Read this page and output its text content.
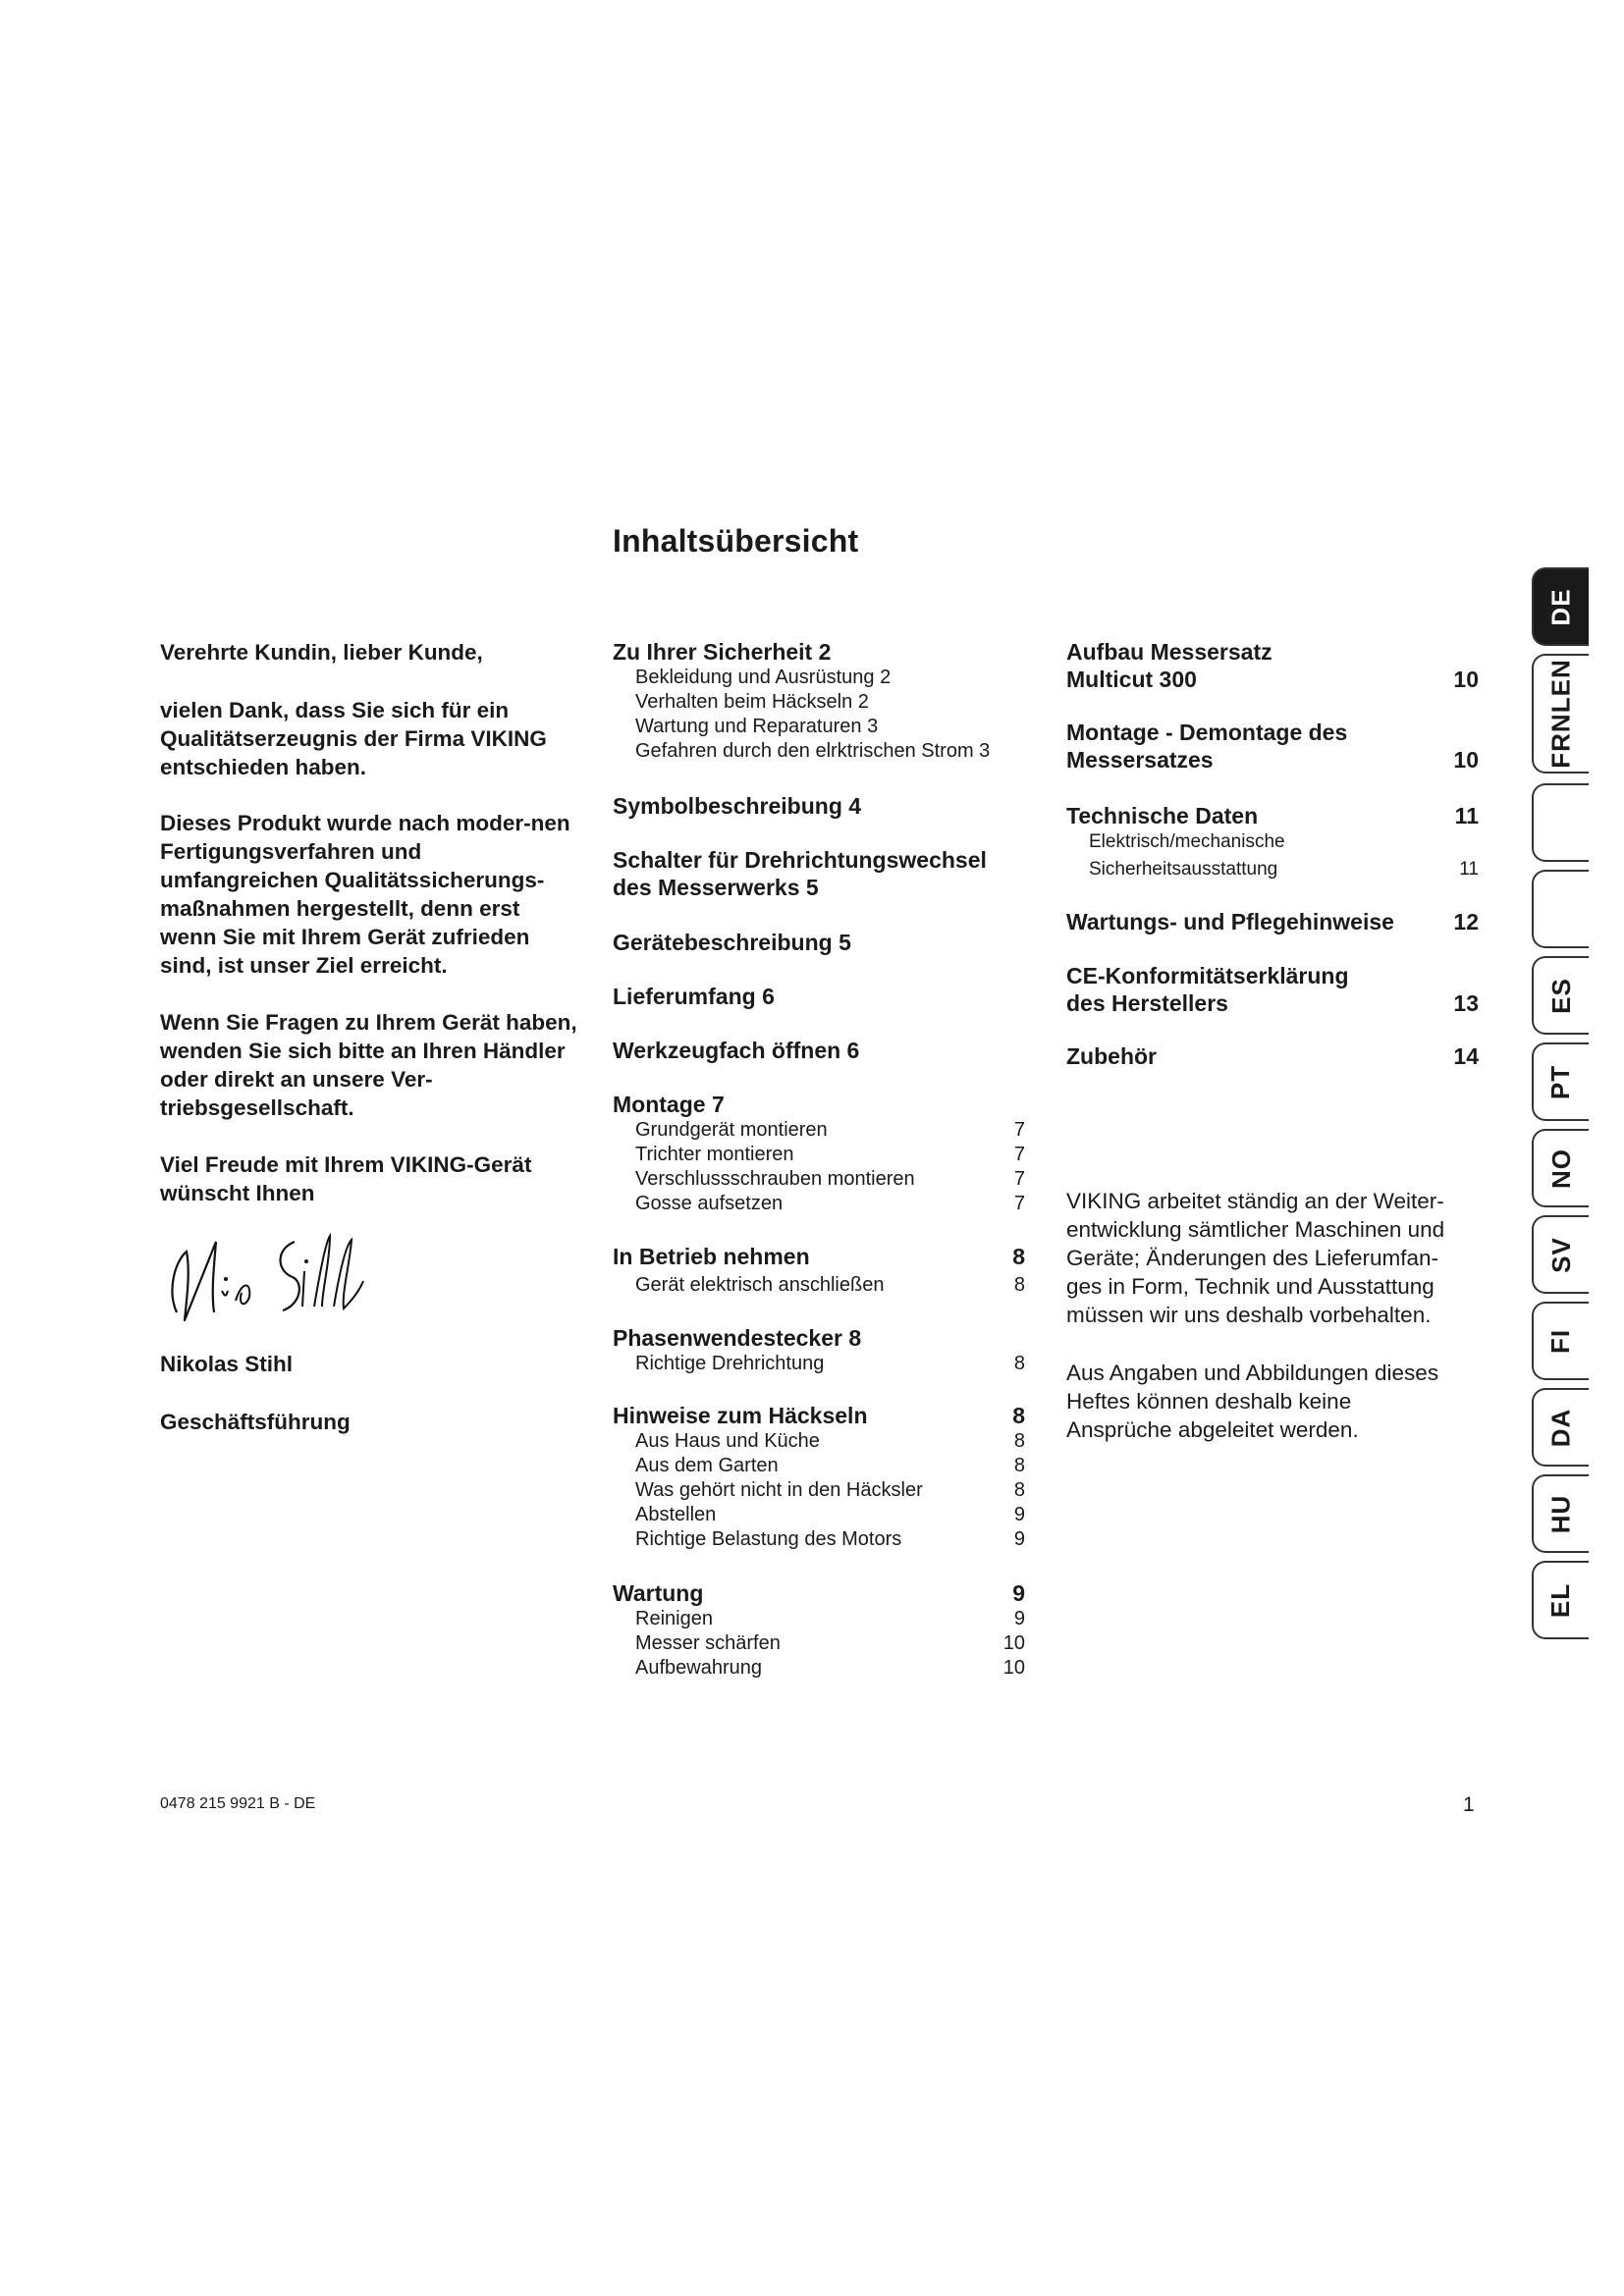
Inhaltsübersicht
Verehrte Kundin, lieber Kunde,
vielen Dank, dass Sie sich für ein Qualitätserzeugnis der Firma VIKING entschieden haben.
Dieses Produkt wurde nach moder-nen Fertigungsverfahren und umfangreichen Qualitätssicherungs-maßnahmen hergestellt, denn erst wenn Sie mit Ihrem Gerät zufrieden sind, ist unser Ziel erreicht.
Wenn Sie Fragen zu Ihrem Gerät haben, wenden Sie sich bitte an Ihren Händler oder direkt an unsere Ver-triebsgesellschaft.
Viel Freude mit Ihrem VIKING-Gerät wünscht Ihnen
Nikolas Stihl
Geschäftsführung
Zu Ihrer Sicherheit 2
Bekleidung und Ausrüstung 2
Verhalten beim Häckseln 2
Wartung und Reparaturen 3
Gefahren durch den elrktrischen Strom 3
Symbolbeschreibung 4
Schalter für Drehrichtungswechsel des Messerwerks 5
Gerätebeschreibung 5
Lieferumfang 6
Werkzeugfach öffnen 6
Montage 7
Grundgerät montieren	7
Trichter montieren	7
Verschlussschrauben montieren	7
Gosse aufsetzen	7
In Betrieb nehmen	8
Gerät elektrisch anschließen	8
Phasenwendestecker 8
Richtige Drehrichtung	8
Hinweise zum Häckseln	8
Aus Haus und Küche	8
Aus dem Garten	8
Was gehört nicht in den Häcksler	8
Abstellen	9
Richtige Belastung des Motors	9
Wartung	9
Reinigen	9
Messer schärfen	10
Aufbewahrung	10
Aufbau Messersatz
Multicut 300	10
Montage - Demontage des
Messersatzes	10
Technische Daten	11
Elektrisch/mechanische
Sicherheitsausstattung	11
Wartungs- und Pflegehinweise	12
CE-Konformitätserklärung
des Herstellers	13
Zubehör	14
VIKING arbeitet ständig an der Weiter-entwicklung sämtlicher Maschinen und Geräte; Änderungen des Lieferumfan-ges in Form, Technik und Ausstattung müssen wir uns deshalb vorbehalten.
Aus Angaben und Abbildungen dieses Heftes können deshalb keine Ansprüche abgeleitet werden.
0478 215 9921 B - DE	1
DE
FRNLEN
ES
PT
NO
SV
FI
DA
HU
EL
